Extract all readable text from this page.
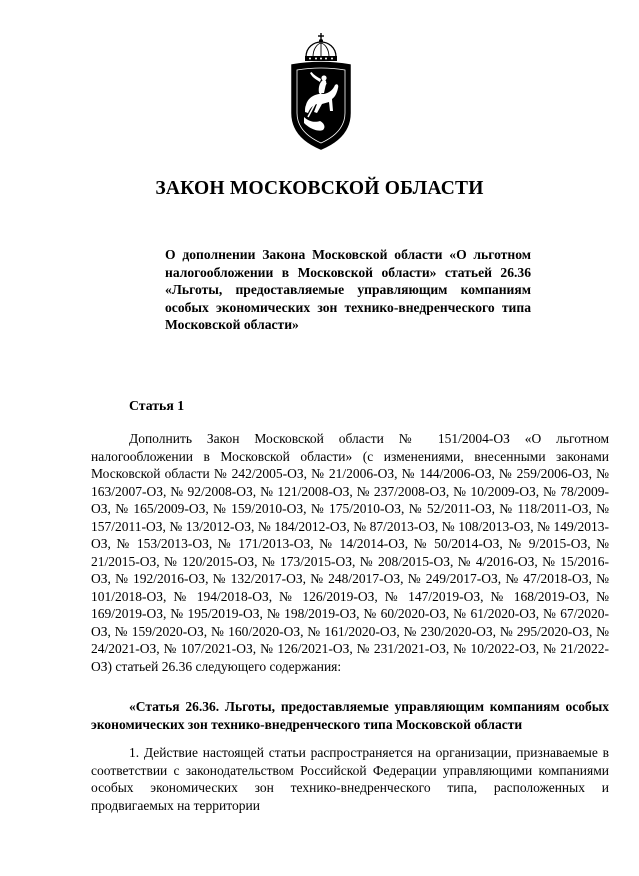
ЗАКОН МОСКОВСКОЙ ОБЛАСТИ

О дополнении Закона Московской области «О льготном налогообложении в Московской области» статьей 26.36 «Льготы, предоставляемые управляющим компаниям особых экономических зон технико-внедренческого типа Московской области»

Статья 1

Дополнить Закон Московской области № 151/2004-ОЗ «О льготном налогообложении в Московской области» (с изменениями, внесенными законами Московской области № 242/2005-ОЗ, № 21/2006-ОЗ, № 144/2006-ОЗ, № 259/2006-ОЗ, № 163/2007-ОЗ, № 92/2008-ОЗ, № 121/2008-ОЗ, № 237/2008-ОЗ, № 10/2009-ОЗ, № 78/2009-ОЗ, № 165/2009-ОЗ, № 159/2010-ОЗ, № 175/2010-ОЗ, № 52/2011-ОЗ, № 118/2011-ОЗ, № 157/2011-ОЗ, № 13/2012-ОЗ, № 184/2012-ОЗ, № 87/2013-ОЗ, № 108/2013-ОЗ, № 149/2013-ОЗ, № 153/2013-ОЗ, № 171/2013-ОЗ, № 14/2014-ОЗ, № 50/2014-ОЗ, № 9/2015-ОЗ, № 21/2015-ОЗ, № 120/2015-ОЗ, № 173/2015-ОЗ, № 208/2015-ОЗ, № 4/2016-ОЗ, № 15/2016-ОЗ, № 192/2016-ОЗ, № 132/2017-ОЗ, № 248/2017-ОЗ, № 249/2017-ОЗ, № 47/2018-ОЗ, № 101/2018-ОЗ, № 194/2018-ОЗ, № 126/2019-ОЗ, № 147/2019-ОЗ, № 168/2019-ОЗ, № 169/2019-ОЗ, № 195/2019-ОЗ, № 198/2019-ОЗ, № 60/2020-ОЗ, № 61/2020-ОЗ, № 67/2020-ОЗ, № 159/2020-ОЗ, № 160/2020-ОЗ, № 161/2020-ОЗ, № 230/2020-ОЗ, № 295/2020-ОЗ, № 24/2021-ОЗ, № 107/2021-ОЗ, № 126/2021-ОЗ, № 231/2021-ОЗ, № 10/2022-ОЗ, № 21/2022-ОЗ) статьей 26.36 следующего содержания:

«Статья 26.36. Льготы, предоставляемые управляющим компаниям особых экономических зон технико-внедренческого типа Московской области

1. Действие настоящей статьи распространяется на организации, признаваемые в соответствии с законодательством Российской Федерации управляющими компаниями особых экономических зон технико-внедренческого типа, расположенных и продвигаемых на территории
